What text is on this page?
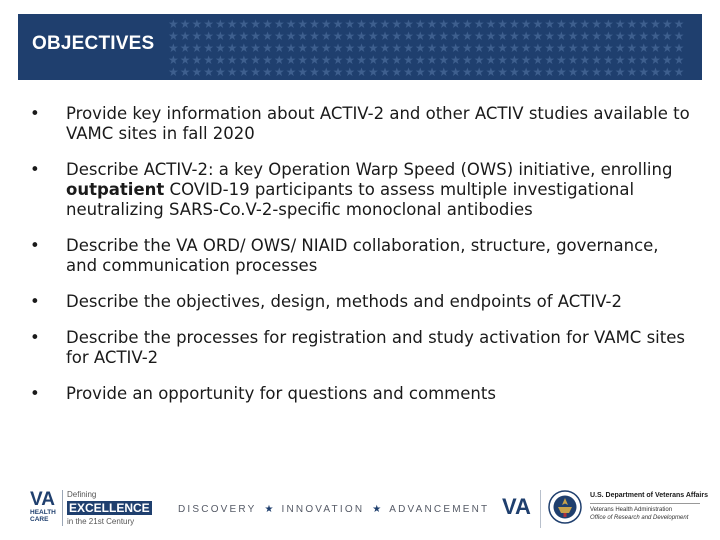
★★★★★★★★★★★★★★★★★★★★★★★★★★★★★★★★★★★★★★★★★★★★
★★★★★★★★★★★★★★★★★★★★★★★★★★★★★★★★★★★★★★★★★★★★
★★★★★★★★★★★★★★★★★★★★★★★★★★★★★★★★★★★★★★★★★★★★
★★★★★★★★★★★★★★★★★★★★★★★★★★★★★★★★★★★★★★★★★★★★
★★★★★★★★★★★★★★★★★★★★★★★★★★★★★★★★★★★★★★★★★★★★
OBJECTIVES
•	Provide key information about ACTIV-2 and other ACTIV studies available to VAMC sites in fall 2020
•	Describe ACTIV-2: a key Operation Warp Speed (OWS) initiative, enrolling outpatient COVID-19 participants to assess multiple investigational neutralizing SARS-Co.V-2-specific monoclonal antibodies
•	Describe the VA ORD/ OWS/ NIAID collaboration, structure, governance, and communication processes
•	Describe the objectives, design, methods and endpoints of ACTIV-2
•	Describe the processes for registration and study activation for VAMC sites for ACTIV-2
•	Provide an opportunity for questions and comments
VA
HEALTH
CARE
Defining
EXCELLENCE
in the 21st Century
DISCOVERY ★ INNOVATION ★ ADVANCEMENT VA	U.S. Department of Veterans Affairs
Veterans Health Administration
Office of Research and Development
